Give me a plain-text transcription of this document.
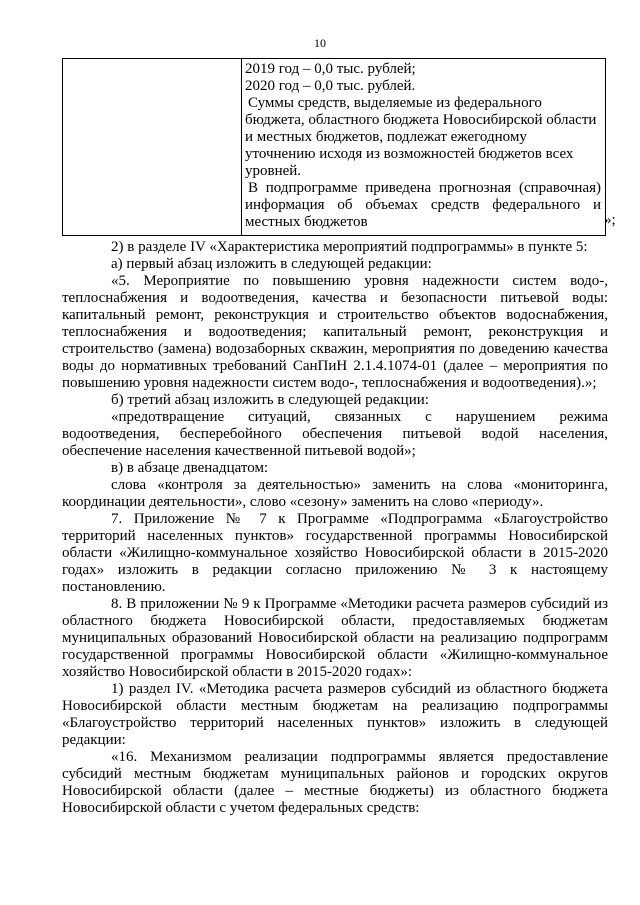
10

2019 год – 0,0 тыс. рублей;

2020 год – 0,0 тыс. рублей.

Суммы средств, выделяемые из федерального бюджета, областного бюджета Новосибирской области и местных бюджетов, подлежат ежегодному уточнению исходя из возможностей бюджетов всех уровней.

В подпрограмме приведена прогнозная (справочная) информация об объемах средств федерального и местных бюджетов	»;

2) в разделе IV «Характеристика мероприятий подпрограммы» в пункте 5:

а) первый абзац изложить в следующей редакции:

«5. Мероприятие по повышению уровня надежности систем водо-, теплоснабжения и водоотведения, качества и безопасности питьевой воды: капитальный ремонт, реконструкция и строительство объектов водоснабжения, теплоснабжения и водоотведения; капитальный ремонт, реконструкция и строительство (замена) водозаборных скважин, мероприятия по доведению качества воды до нормативных требований СанПиН 2.1.4.1074-01 (далее – мероприятия по повышению уровня надежности систем водо-, теплоснабжения и водоотведения).»;

б) третий абзац изложить в следующей редакции:

«предотвращение ситуаций, связанных с нарушением режима водоотведения, бесперебойного обеспечения питьевой водой населения, обеспечение населения качественной питьевой водой»;

в) в абзаце двенадцатом:

слова «контроля за деятельностью» заменить на слова «мониторинга, координации деятельности», слово «сезону» заменить на слово «периоду».

7. Приложение № 7 к Программе «Подпрограмма «Благоустройство территорий населенных пунктов» государственной программы Новосибирской области «Жилищно-коммунальное хозяйство Новосибирской области в 2015-2020 годах» изложить в редакции согласно приложению № 3 к настоящему постановлению.

8. В приложении № 9 к Программе «Методики расчета размеров субсидий из областного бюджета Новосибирской области, предоставляемых бюджетам муниципальных образований Новосибирской области на реализацию подпрограмм государственной программы Новосибирской области «Жилищно-коммунальное хозяйство Новосибирской области в 2015-2020 годах»:

1) раздел IV. «Методика расчета размеров субсидий из областного бюджета Новосибирской области местным бюджетам на реализацию подпрограммы «Благоустройство территорий населенных пунктов» изложить в следующей редакции:

«16. Механизмом реализации подпрограммы является предоставление субсидий местным бюджетам муниципальных районов и городских округов Новосибирской области (далее – местные бюджеты) из областного бюджета Новосибирской области с учетом федеральных средств:
